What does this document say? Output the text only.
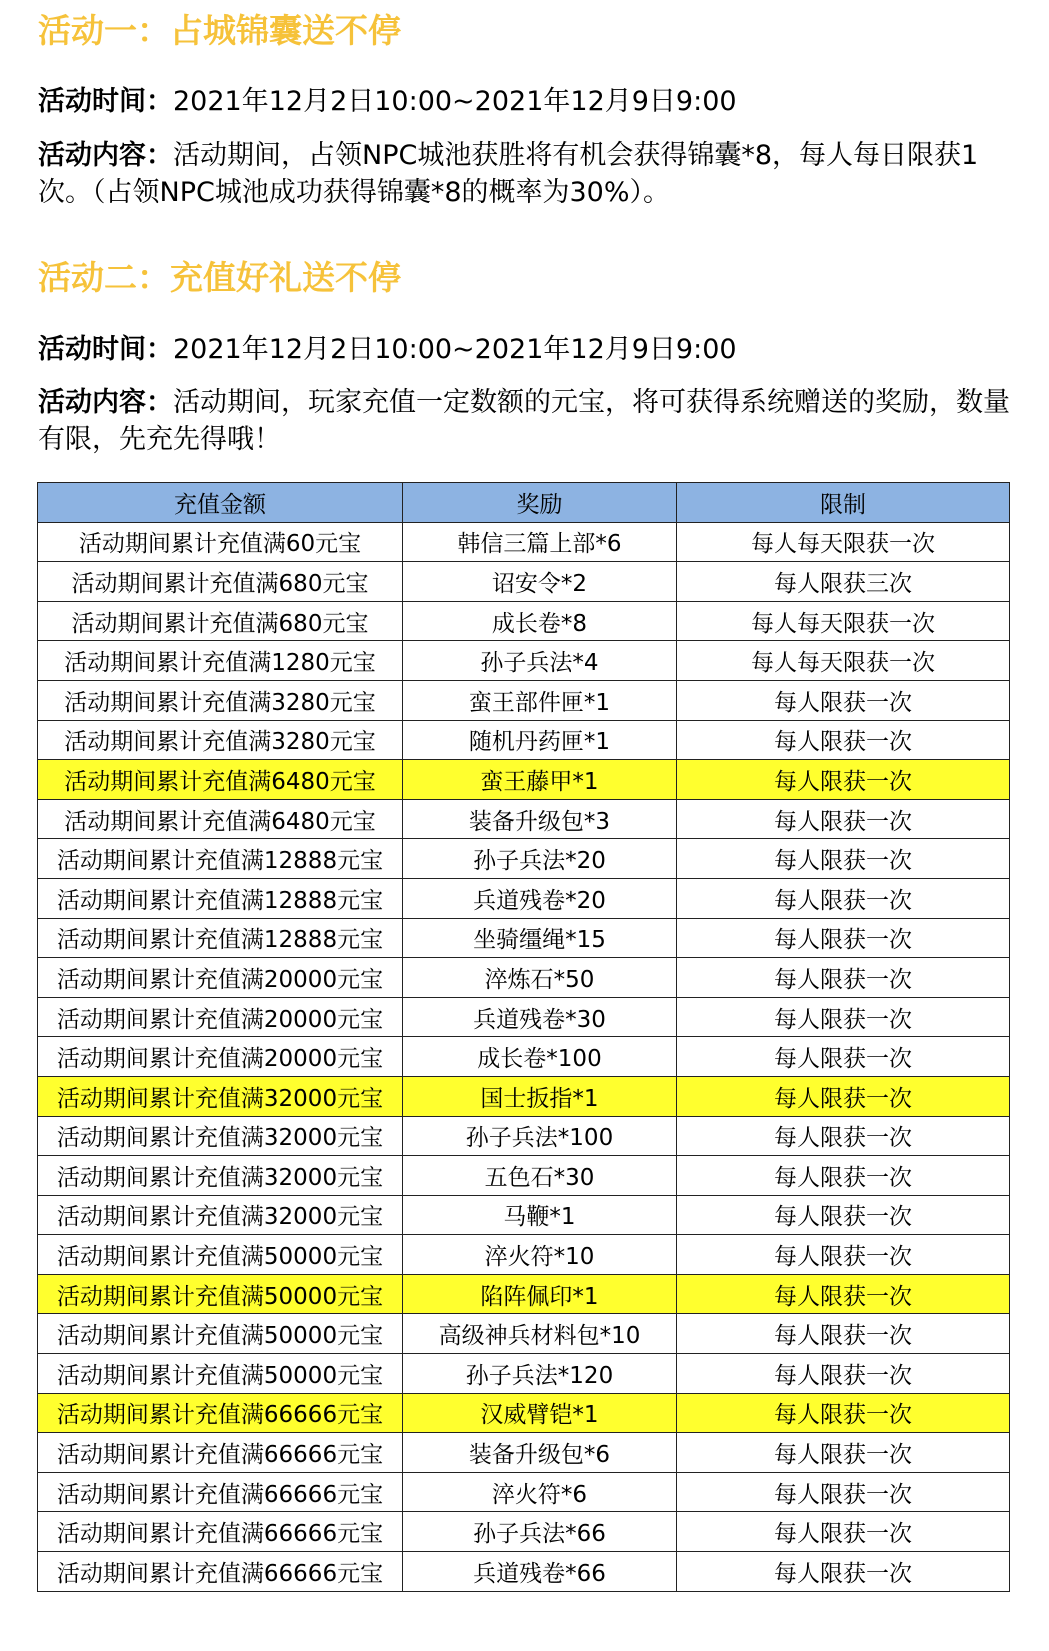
活动一：占城锦囊送不停

活动时间：2021年12月2日10:00~2021年12月9日9:00

活动内容：活动期间，占领NPC城池获胜将有机会获得锦囊*8，每人每日限获1次。（占领NPC城池成功获得锦囊*8的概率为30%）。

活动二：充值好礼送不停

活动时间：2021年12月2日10:00~2021年12月9日9:00

活动内容：活动期间，玩家充值一定数额的元宝，将可获得系统赠送的奖励，数量有限，先充先得哦！

充值金额	奖励	限制
活动期间累计充值满60元宝	韩信三篇上部*6	每人每天限获一次
活动期间累计充值满680元宝	诏安令*2	每人限获三次
活动期间累计充值满680元宝	成长卷*8	每人每天限获一次
活动期间累计充值满1280元宝	孙子兵法*4	每人每天限获一次
活动期间累计充值满3280元宝	蛮王部件匣*1	每人限获一次
活动期间累计充值满3280元宝	随机丹药匣*1	每人限获一次
活动期间累计充值满6480元宝	蛮王藤甲*1	每人限获一次
活动期间累计充值满6480元宝	装备升级包*3	每人限获一次
活动期间累计充值满12888元宝	孙子兵法*20	每人限获一次
活动期间累计充值满12888元宝	兵道残卷*20	每人限获一次
活动期间累计充值满12888元宝	坐骑缰绳*15	每人限获一次
活动期间累计充值满20000元宝	淬炼石*50	每人限获一次
活动期间累计充值满20000元宝	兵道残卷*30	每人限获一次
活动期间累计充值满20000元宝	成长卷*100	每人限获一次
活动期间累计充值满32000元宝	国士扳指*1	每人限获一次
活动期间累计充值满32000元宝	孙子兵法*100	每人限获一次
活动期间累计充值满32000元宝	五色石*30	每人限获一次
活动期间累计充值满32000元宝	马鞭*1	每人限获一次
活动期间累计充值满50000元宝	淬火符*10	每人限获一次
活动期间累计充值满50000元宝	陷阵佩印*1	每人限获一次
活动期间累计充值满50000元宝	高级神兵材料包*10	每人限获一次
活动期间累计充值满50000元宝	孙子兵法*120	每人限获一次
活动期间累计充值满66666元宝	汉威臂铠*1	每人限获一次
活动期间累计充值满66666元宝	装备升级包*6	每人限获一次
活动期间累计充值满66666元宝	淬火符*6	每人限获一次
活动期间累计充值满66666元宝	孙子兵法*66	每人限获一次
活动期间累计充值满66666元宝	兵道残卷*66	每人限获一次
